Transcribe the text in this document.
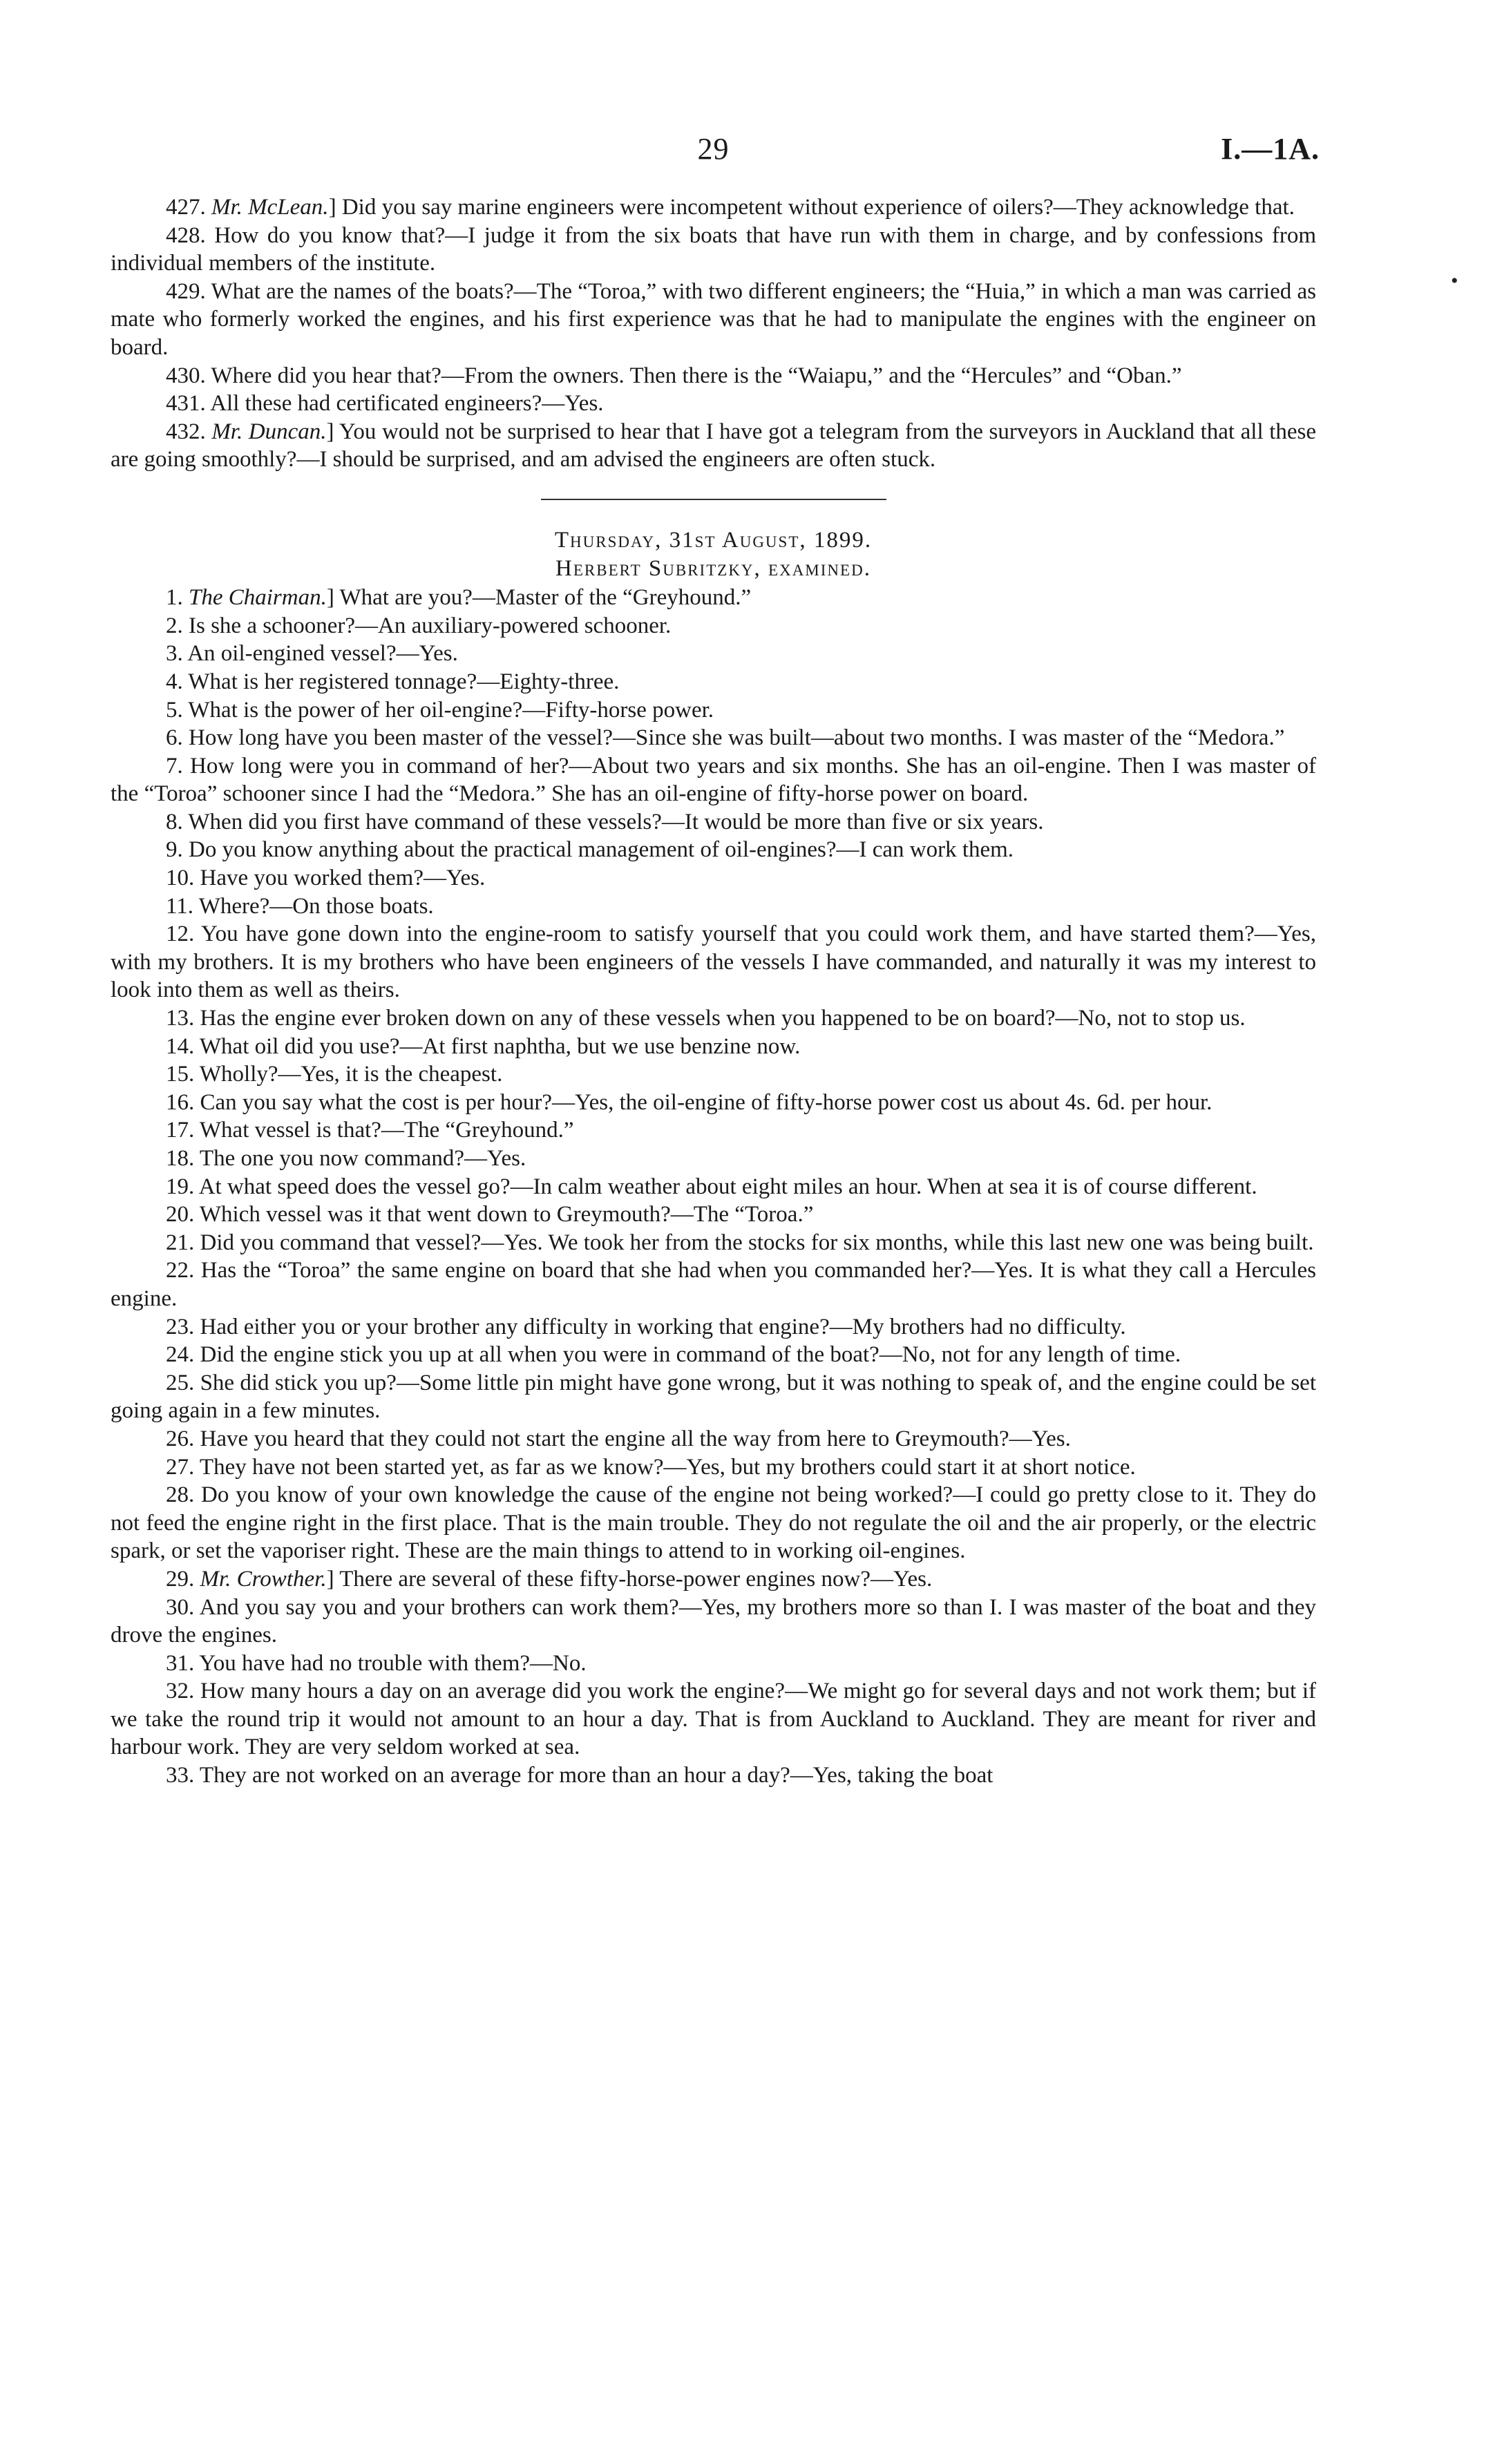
29	I.—1A.

427. Mr. McLean.] Did you say marine engineers were incompetent without experience of oilers?—They acknowledge that.

428. How do you know that?—I judge it from the six boats that have run with them in charge, and by confessions from individual members of the institute.

429. What are the names of the boats?—The “Toroa,” with two different engineers; the “Huia,” in which a man was carried as mate who formerly worked the engines, and his first experience was that he had to manipulate the engines with the engineer on board.

430. Where did you hear that?—From the owners. Then there is the “Waiapu,” and the “Hercules” and “Oban.”

431. All these had certificated engineers?—Yes.

432. Mr. Duncan.] You would not be surprised to hear that I have got a telegram from the surveyors in Auckland that all these are going smoothly?—I should be surprised, and am advised the engineers are often stuck.

Thursday, 31st August, 1899.

Herbert Subritzky, examined.

1. The Chairman.] What are you?—Master of the “Greyhound.”

2. Is she a schooner?—An auxiliary-powered schooner.

3. An oil-engined vessel?—Yes.

4. What is her registered tonnage?—Eighty-three.

5. What is the power of her oil-engine?—Fifty-horse power.

6. How long have you been master of the vessel?—Since she was built—about two months. I was master of the “Medora.”

7. How long were you in command of her?—About two years and six months. She has an oil-engine. Then I was master of the “Toroa” schooner since I had the “Medora.” She has an oil-engine of fifty-horse power on board.

8. When did you first have command of these vessels?—It would be more than five or six years.

9. Do you know anything about the practical management of oil-engines?—I can work them.

10. Have you worked them?—Yes.

11. Where?—On those boats.

12. You have gone down into the engine-room to satisfy yourself that you could work them, and have started them?—Yes, with my brothers. It is my brothers who have been engineers of the vessels I have commanded, and naturally it was my interest to look into them as well as theirs.

13. Has the engine ever broken down on any of these vessels when you happened to be on board?—No, not to stop us.

14. What oil did you use?—At first naphtha, but we use benzine now.

15. Wholly?—Yes, it is the cheapest.

16. Can you say what the cost is per hour?—Yes, the oil-engine of fifty-horse power cost us about 4s. 6d. per hour.

17. What vessel is that?—The “Greyhound.”

18. The one you now command?—Yes.

19. At what speed does the vessel go?—In calm weather about eight miles an hour. When at sea it is of course different.

20. Which vessel was it that went down to Greymouth?—The “Toroa.”

21. Did you command that vessel?—Yes. We took her from the stocks for six months, while this last new one was being built.

22. Has the “Toroa” the same engine on board that she had when you commanded her?—Yes. It is what they call a Hercules engine.

23. Had either you or your brother any difficulty in working that engine?—My brothers had no difficulty.

24. Did the engine stick you up at all when you were in command of the boat?—No, not for any length of time.

25. She did stick you up?—Some little pin might have gone wrong, but it was nothing to speak of, and the engine could be set going again in a few minutes.

26. Have you heard that they could not start the engine all the way from here to Greymouth?—Yes.

27. They have not been started yet, as far as we know?—Yes, but my brothers could start it at short notice.

28. Do you know of your own knowledge the cause of the engine not being worked?—I could go pretty close to it. They do not feed the engine right in the first place. That is the main trouble. They do not regulate the oil and the air properly, or the electric spark, or set the vaporiser right. These are the main things to attend to in working oil-engines.

29. Mr. Crowther.] There are several of these fifty-horse-power engines now?—Yes.

30. And you say you and your brothers can work them?—Yes, my brothers more so than I. I was master of the boat and they drove the engines.

31. You have had no trouble with them?—No.

32. How many hours a day on an average did you work the engine?—We might go for several days and not work them; but if we take the round trip it would not amount to an hour a day. That is from Auckland to Auckland. They are meant for river and harbour work. They are very seldom worked at sea.

33. They are not worked on an average for more than an hour a day?—Yes, taking the boat

•
